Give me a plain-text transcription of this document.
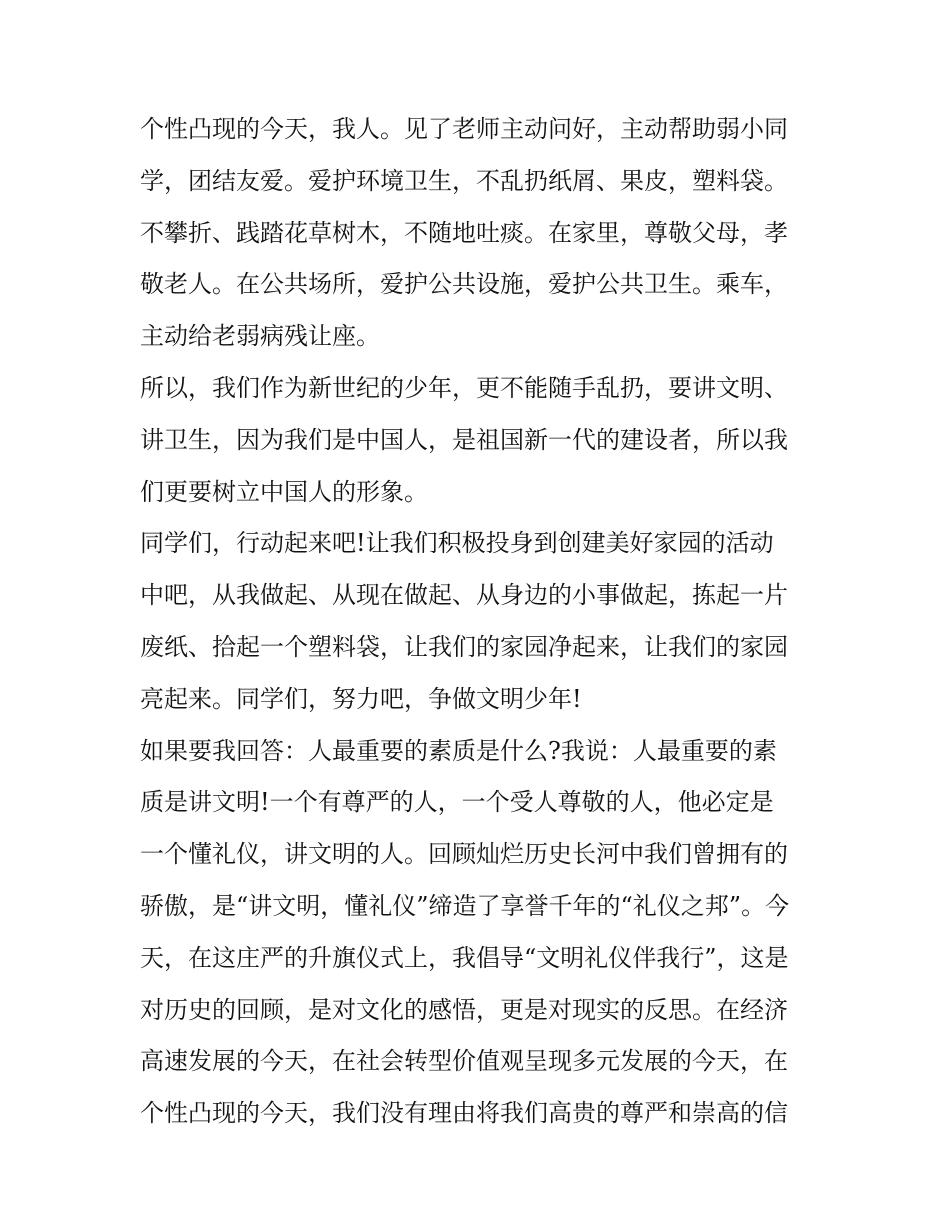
个性凸现的今天，我人。见了老师主动问好，主动帮助弱小同
学，团结友爱。爱护环境卫生，不乱扔纸屑、果皮，塑料袋。
不攀折、践踏花草树木，不随地吐痰。在家里，尊敬父母，孝
敬老人。在公共场所，爱护公共设施，爱护公共卫生。乘车，
主动给老弱病残让座。
所以，我们作为新世纪的少年，更不能随手乱扔，要讲文明、
讲卫生，因为我们是中国人，是祖国新一代的建设者，所以我
们更要树立中国人的形象。
同学们，行动起来吧!让我们积极投身到创建美好家园的活动
中吧，从我做起、从现在做起、从身边的小事做起，拣起一片
废纸、拾起一个塑料袋，让我们的家园净起来，让我们的家园
亮起来。同学们，努力吧，争做文明少年!
如果要我回答：人最重要的素质是什么?我说：人最重要的素
质是讲文明!一个有尊严的人，一个受人尊敬的人，他必定是
一个懂礼仪，讲文明的人。回顾灿烂历史长河中我们曾拥有的
骄傲，是“讲文明，懂礼仪”缔造了享誉千年的“礼仪之邦”。今
天，在这庄严的升旗仪式上，我倡导“文明礼仪伴我行”，这是
对历史的回顾，是对文化的感悟，更是对现实的反思。在经济
高速发展的今天，在社会转型价值观呈现多元发展的今天，在
个性凸现的今天，我们没有理由将我们高贵的尊严和崇高的信
